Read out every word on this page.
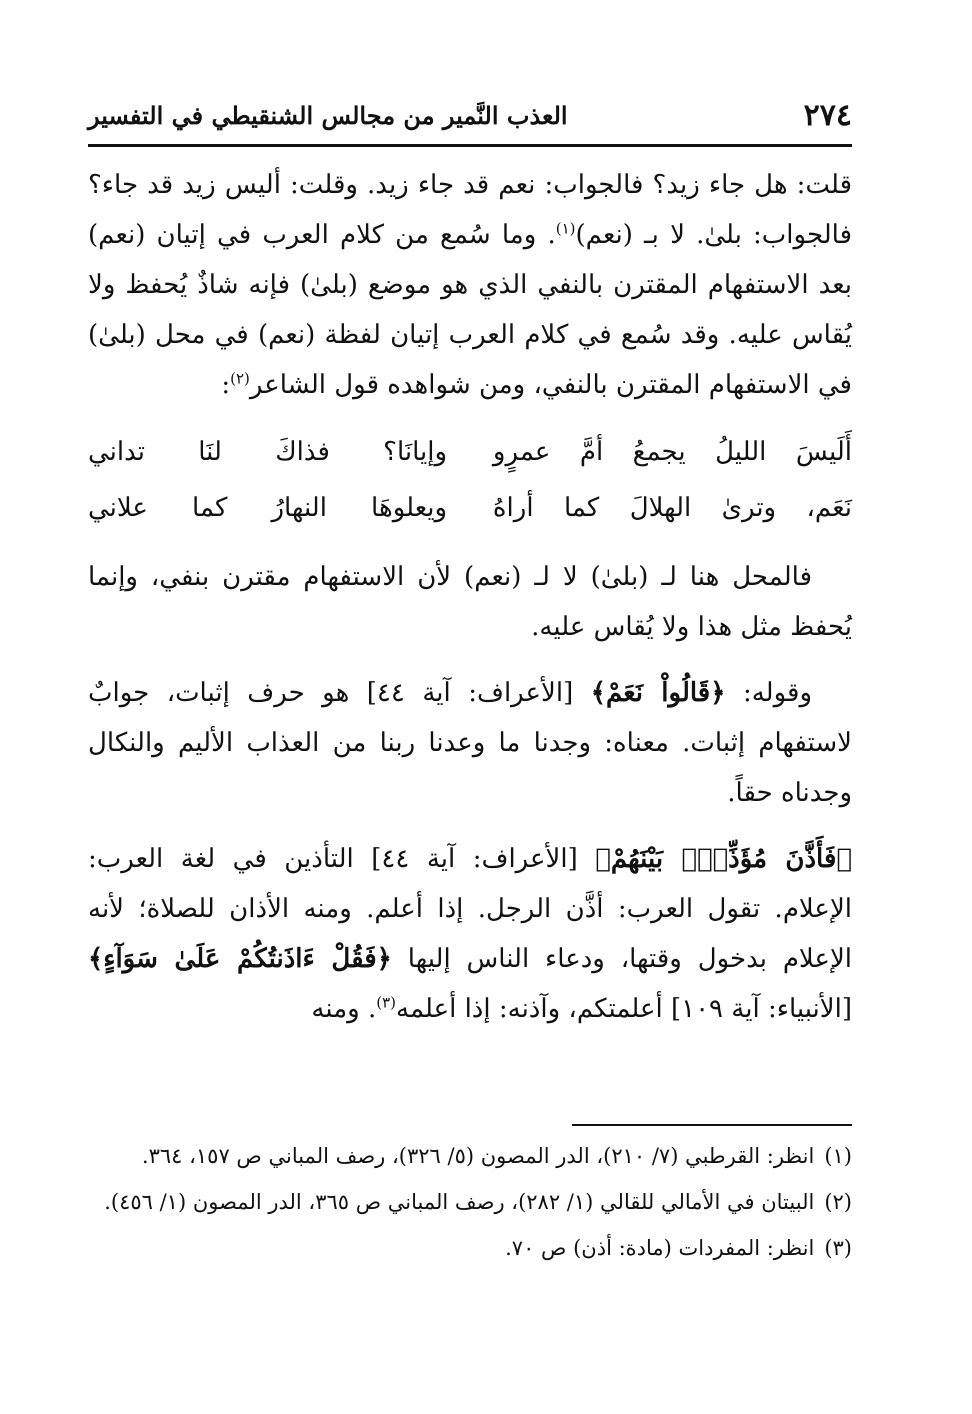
٢٧٤
العذب النَّمير من مجالس الشنقيطي في التفسير

قلت: هل جاء زيد؟ فالجواب: نعم قد جاء زيد. وقلت: أليس زيد قد جاء؟ فالجواب: بلىٰ. لا بـ (نعم)$^{(١)}$. وما سُمع من كلام العرب في إتيان (نعم) بعد الاستفهام المقترن بالنفي الذي هو موضع (بلىٰ) فإنه شاذٌ يُحفظ ولا يُقاس عليه. وقد سُمع في كلام العرب إتيان لفظة (نعم) في محل (بلىٰ) في الاستفهام المقترن بالنفي، ومن شواهده قول الشاعر$^{(٢)}$:

أَلَيسَ الليلُ يجمعُ أمَّ عمرٍو
وإيانَا؟ فذاكَ لنَا تداني
نَعَم، وترىٰ الهلالَ كما أراهُ
ويعلوهَا النهارُ كما علاني

فالمحل هنا لـ (بلىٰ) لا لـ (نعم) لأن الاستفهام مقترن بنفي، وإنما يُحفظ مثل هذا ولا يُقاس عليه.

وقوله: ﴿قَالُواْ نَعَمْ﴾ [الأعراف: آية ٤٤] هو حرف إثبات، جوابٌ لاستفهام إثبات. معناه: وجدنا ما وعدنا ربنا من العذاب الأليم والنكال وجدناه حقاً.

﴿فَأَذَّنَ مُؤَذِّنٌۢ بَيْنَهُمْ﴾ [الأعراف: آية ٤٤] التأذين في لغة العرب: الإعلام. تقول العرب: أذَّن الرجل. إذا أعلم. ومنه الأذان للصلاة؛ لأنه الإعلام بدخول وقتها، ودعاء الناس إليها ﴿فَقُلْ ءَاذَنتُكُمْ عَلَىٰ سَوَآءٍ﴾ [الأنبياء: آية ١٠٩] أعلمتكم، وآذنه: إذا أعلمه$^{(٣)}$. ومنه

(١)
انظر: القرطبي (٧/ ٢١٠)، الدر المصون (٥/ ٣٢٦)، رصف المباني ص ١٥٧، ٣٦٤.
(٢)
البيتان في الأمالي للقالي (١/ ٢٨٢)، رصف المباني ص ٣٦٥، الدر المصون (١/ ٤٥٦).
(٣)
انظر: المفردات (مادة: أذن) ص ٧٠.
